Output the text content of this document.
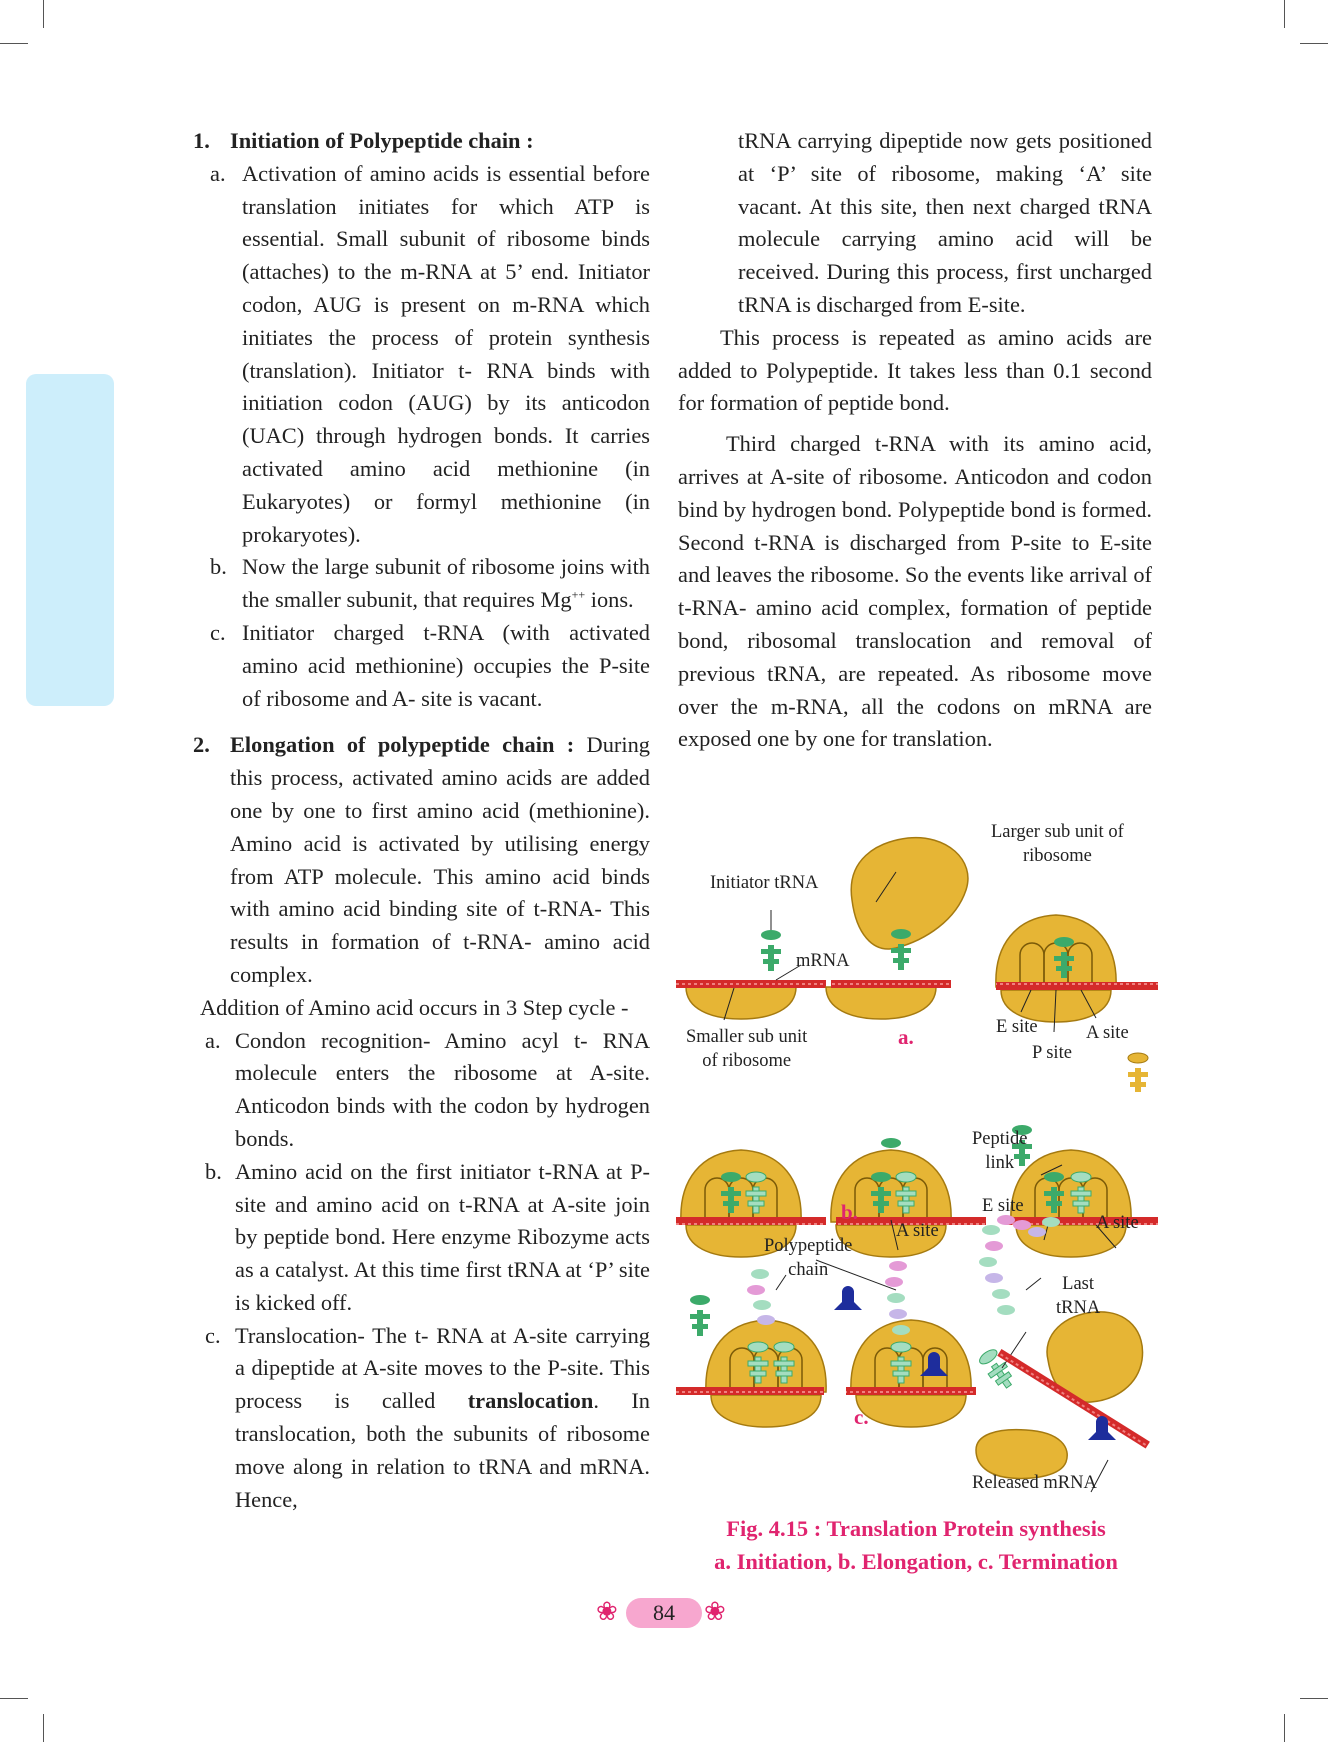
1. Initiation of Polypeptide chain :
a. Activation of amino acids is essential before translation initiates for which ATP is essential. Small subunit of ribosome binds (attaches) to the m-RNA at 5’ end. Initiator codon, AUG is present on m-RNA which initiates the process of protein synthesis (translation). Initiator t- RNA binds with initiation codon (AUG) by its anticodon (UAC) through hydrogen bonds. It carries activated amino acid methionine (in Eukaryotes) or formyl methionine (in prokaryotes).
b. Now the large subunit of ribosome joins with the smaller subunit, that requires Mg++ ions.
c. Initiator charged t-RNA (with activated amino acid methionine) occupies the P-site of ribosome and A- site is vacant.
2. Elongation of polypeptide chain : During this process, activated amino acids are added one by one to first amino acid (methionine). Amino acid is activated by utilising energy from ATP molecule. This amino acid binds with amino acid binding site of t-RNA- This results in formation of t-RNA- amino acid complex.
Addition of Amino acid occurs in 3 Step cycle -
a. Condon recognition- Amino acyl t- RNA molecule enters the ribosome at A-site. Anticodon binds with the codon by hydrogen bonds.
b. Amino acid on the first initiator t-RNA at P-site and amino acid on t-RNA at A-site join by peptide bond. Here enzyme Ribozyme acts as a catalyst. At this time first tRNA at ‘P’ site is kicked off.
c. Translocation- The t- RNA at A-site carrying a dipeptide at A-site moves to the P-site. This process is called translocation. In translocation, both the subunits of ribosome move along in relation to tRNA and mRNA. Hence,

tRNA carrying dipeptide now gets positioned at ‘P’ site of ribosome, making ‘A’ site vacant. At this site, then next charged tRNA molecule carrying amino acid will be received. During this process, first uncharged tRNA is discharged from E-site.

This process is repeated as amino acids are added to Polypeptide. It takes less than 0.1 second for formation of peptide bond.

Third charged t-RNA with its amino acid, arrives at A-site of ribosome. Anticodon and codon bind by hydrogen bond. Polypeptide bond is formed. Second t-RNA is discharged from P-site to E-site and leaves the ribosome. So the events like arrival of t-RNA- amino acid complex, formation of peptide bond, ribosomal translocation and removal of previous tRNA, are repeated. As ribosome move over the m-RNA, all the codons on mRNA are exposed one by one for translation.

Larger sub unit of
ribosome
Initiator tRNA
mRNA
Smaller sub unit
of ribosome
a.	E site	A site
P site
Peptide
link
b.
A site
E site
A site
Polypeptide
chain
Last
tRNA
c.
Released mRNA
Fig. 4.15 : Translation Protein synthesis
a. Initiation, b. Elongation, c. Termination
❀	84	❀
